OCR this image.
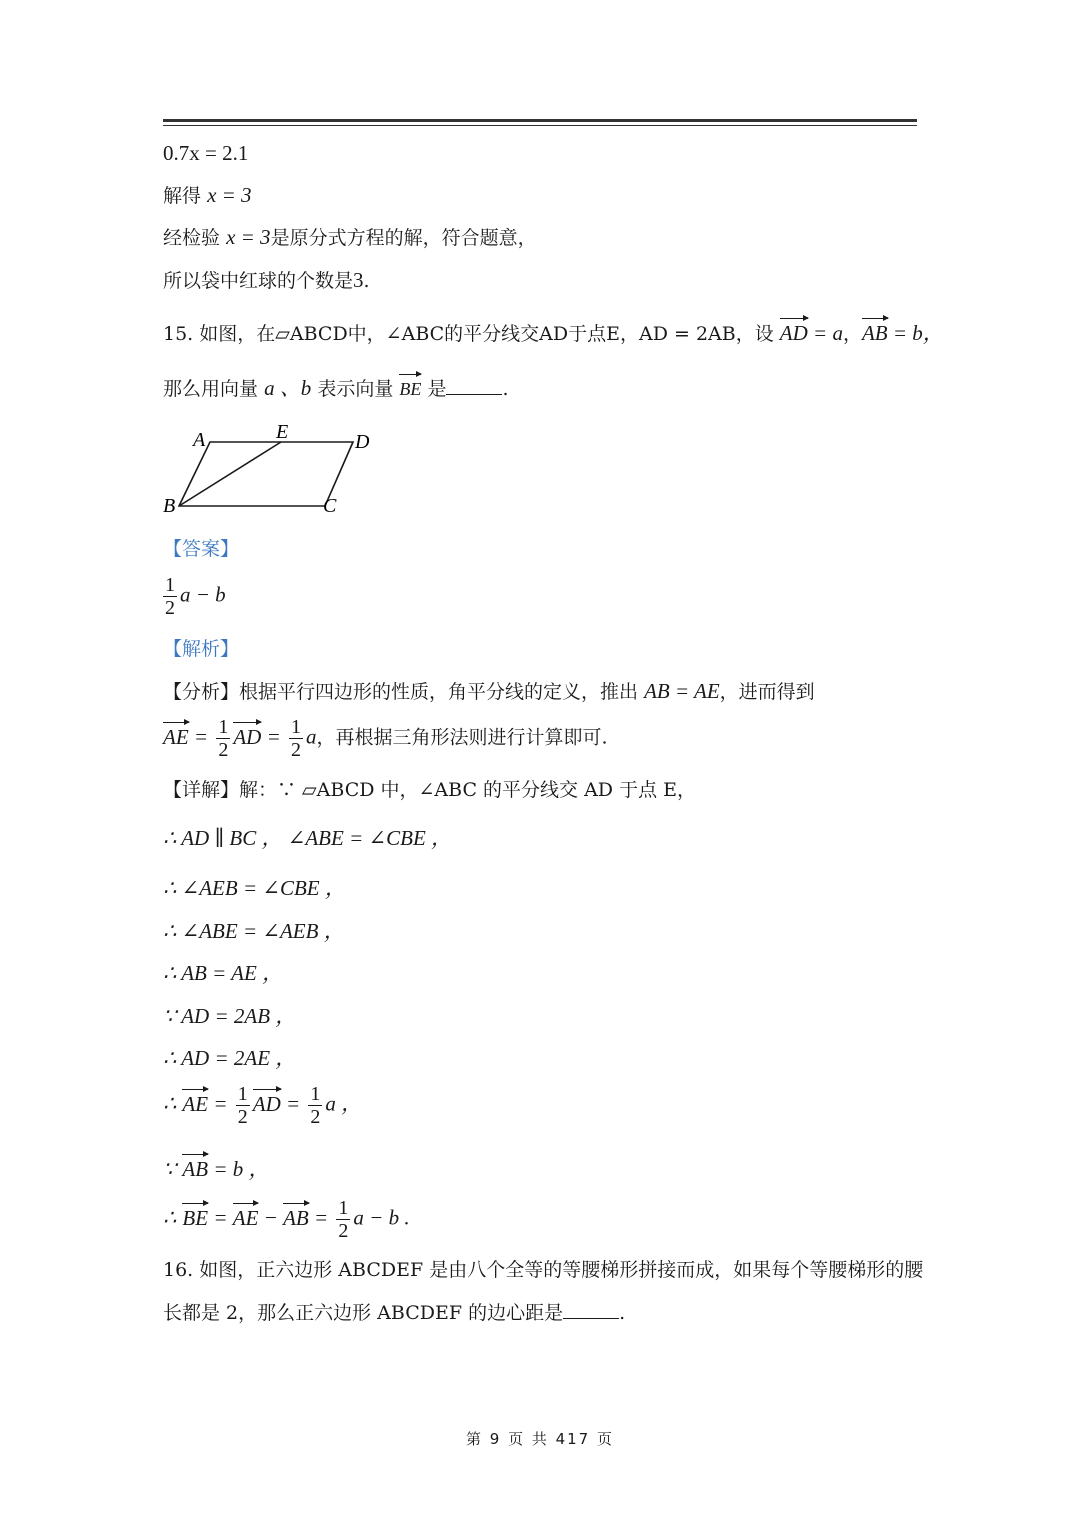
0.7x = 2.1
解得 x = 3
经检验 x = 3是原分式方程的解，符合题意，
所以袋中红球的个数是3.
15. 如图，在▱ABCD中，∠ABC的平分线交AD于点E，AD = 2AB，设 AD = a，AB = b，
那么用向量 a 、b 表示向量 BE 是	.
A	E	D
B	C
【答案】
$\frac{1}{2}$ a − b
【解析】
【分析】根据平行四边形的性质，角平分线的定义，推出 AB = AE，进而得到
AE = $\frac{1}{2}$ AD = $\frac{1}{2}$ a，再根据三角形法则进行计算即可.
【详解】解：∵ ▱ABCD 中，∠ABC 的平分线交 AD 于点 E，
∴ AD ∥ BC ， ∠ABE = ∠CBE ，
∴ ∠AEB = ∠CBE ，
∴ ∠ABE = ∠AEB ，
∴ AB = AE ，
∵ AD = 2AB ，
∴ AD = 2AE ，
∴ AE = $\frac{1}{2}$ AD = $\frac{1}{2}$ a ，
∵ AB = b ，
∴ BE = AE − AB = $\frac{1}{2}$ a − b .
16. 如图，正六边形 ABCDEF 是由八个全等的等腰梯形拼接而成，如果每个等腰梯形的腰
长都是 2，那么正六边形 ABCDEF 的边心距是	.
第 9 页 共 417 页
